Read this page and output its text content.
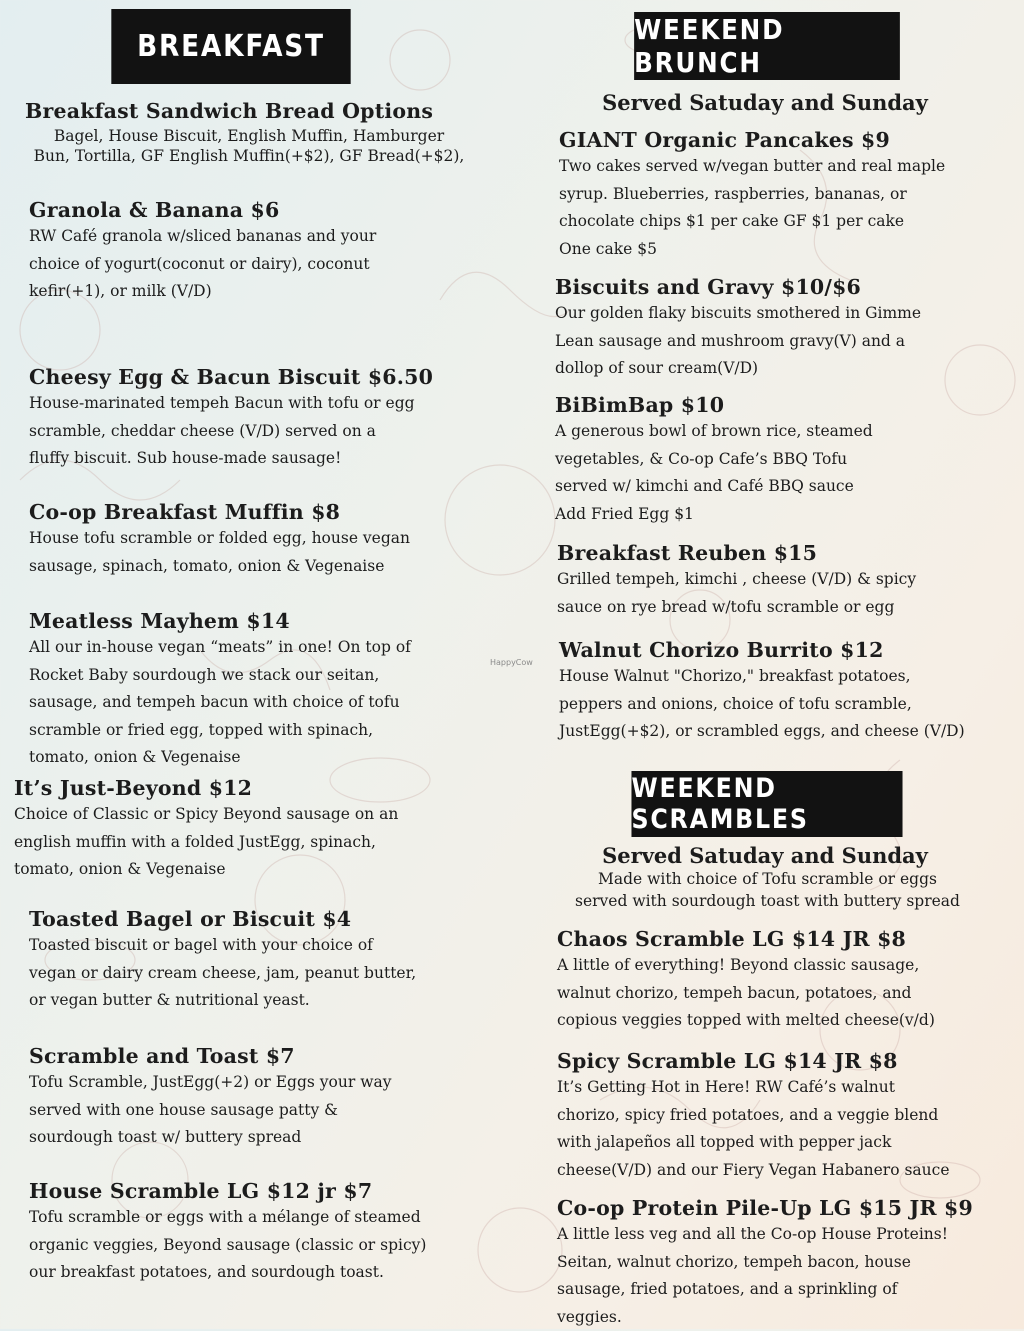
BREAKFAST
Breakfast Sandwich Bread Options
Bagel, House Biscuit, English Muffin, Hamburger
Bun, Tortilla, GF English Muffin(+$2), GF Bread(+$2),
Granola & Banana $6
RW Café granola w/sliced bananas and your
choice of yogurt(coconut or dairy), coconut
kefir(+1), or milk (V/D)
Cheesy Egg & Bacun Biscuit $6.50
House-marinated tempeh Bacun with tofu or egg
scramble, cheddar cheese (V/D) served on a
fluffy biscuit. Sub house-made sausage!
Co-op Breakfast Muffin $8
House tofu scramble or folded egg, house vegan
sausage, spinach, tomato, onion & Vegenaise
Meatless Mayhem $14
All our in-house vegan “meats” in one! On top of
Rocket Baby sourdough we stack our seitan,
sausage, and tempeh bacun with choice of tofu
scramble or fried egg, topped with spinach,
tomato, onion & Vegenaise
It’s Just-Beyond $12
Choice of Classic or Spicy Beyond sausage on an
english muffin with a folded JustEgg, spinach,
tomato, onion & Vegenaise
Toasted Bagel or Biscuit $4
Toasted biscuit or bagel with your choice of
vegan or dairy cream cheese, jam, peanut butter,
or vegan butter & nutritional yeast.
Scramble and Toast $7
Tofu Scramble, JustEgg(+2) or Eggs your way
served with one house sausage patty &
sourdough toast w/ buttery spread
House Scramble LG $12 jr $7
Tofu scramble or eggs with a mélange of steamed
organic veggies, Beyond sausage (classic or spicy)
our breakfast potatoes, and sourdough toast.
WEEKEND BRUNCH
Served Satuday and Sunday
GIANT Organic Pancakes $9
Two cakes served w/vegan butter and real maple
syrup. Blueberries, raspberries, bananas, or
chocolate chips $1 per cake GF $1 per cake
One cake $5
Biscuits and Gravy $10/$6
Our golden flaky biscuits smothered in Gimme
Lean sausage and mushroom gravy(V) and a
dollop of sour cream(V/D)
BiBimBap $10
A generous bowl of brown rice, steamed
vegetables, & Co-op Cafe’s BBQ Tofu
served w/ kimchi and Café BBQ sauce
Add Fried Egg $1
Breakfast Reuben $15
Grilled tempeh, kimchi , cheese (V/D) & spicy
sauce on rye bread w/tofu scramble or egg
Walnut Chorizo Burrito $12
House Walnut "Chorizo," breakfast potatoes,
peppers and onions, choice of tofu scramble,
JustEgg(+$2), or scrambled eggs, and cheese (V/D)
WEEKEND SCRAMBLES
Served Satuday and Sunday
Made with choice of Tofu scramble or eggs
served with sourdough toast with buttery spread
Chaos Scramble LG $14 JR $8
A little of everything! Beyond classic sausage,
walnut chorizo, tempeh bacun, potatoes, and
copious veggies topped with melted cheese(v/d)
Spicy Scramble LG $14 JR $8
It’s Getting Hot in Here! RW Café’s walnut
chorizo, spicy fried potatoes, and a veggie blend
with jalapeños all topped with pepper jack
cheese(V/D) and our Fiery Vegan Habanero sauce
Co-op Protein Pile-Up LG $15 JR $9
A little less veg and all the Co-op House Proteins!
Seitan, walnut chorizo, tempeh bacon, house
sausage, fried potatoes, and a sprinkling of
veggies.
HappyCow
